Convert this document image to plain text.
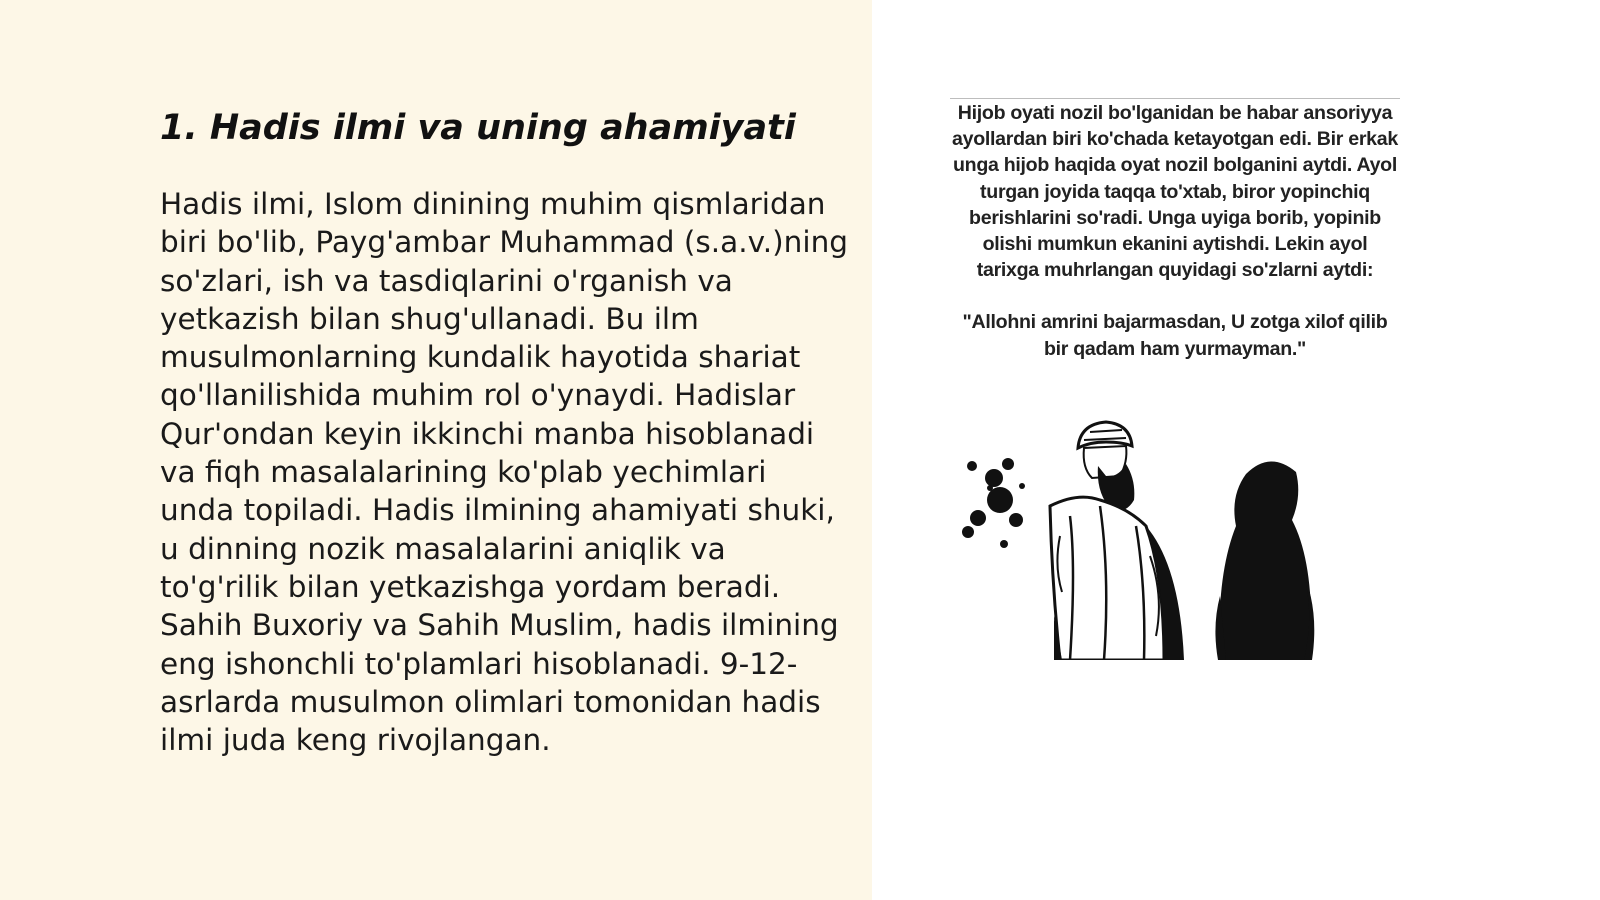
1. Hadis ilmi va uning ahamiyati

Hadis ilmi, Islom dinining muhim qismlaridan biri bo'lib, Payg'ambar Muhammad (s.a.v.)ning so'zlari, ish va tasdiqlarini o'rganish va yetkazish bilan shug'ullanadi. Bu ilm musulmonlarning kundalik hayotida shariat qo'llanilishida muhim rol o'ynaydi. Hadislar Qur'ondan keyin ikkinchi manba hisoblanadi va fiqh masalalarining ko'plab yechimlari unda topiladi. Hadis ilmining ahamiyati shuki, u dinning nozik masalalarini aniqlik va to'g'rilik bilan yetkazishga yordam beradi. Sahih Buxoriy va Sahih Muslim, hadis ilmining eng ishonchli to'plamlari hisoblanadi. 9-12-asrlarda musulmon olimlari tomonidan hadis ilmi juda keng rivojlangan.

Hijob oyati nozil bo'lganidan be habar ansoriyya ayollardan biri ko'chada ketayotgan edi. Bir erkak unga hijob haqida oyat nozil bolganini aytdi. Ayol turgan joyida taqqa to'xtab, biror yopinchiq berishlarini so'radi. Unga uyiga borib, yopinib olishi mumkun ekanini aytishdi. Lekin ayol tarixga muhrlangan quyidagi so'zlarni aytdi:

"Allohni amrini bajarmasdan, U zotga xilof qilib bir qadam ham yurmayman."
